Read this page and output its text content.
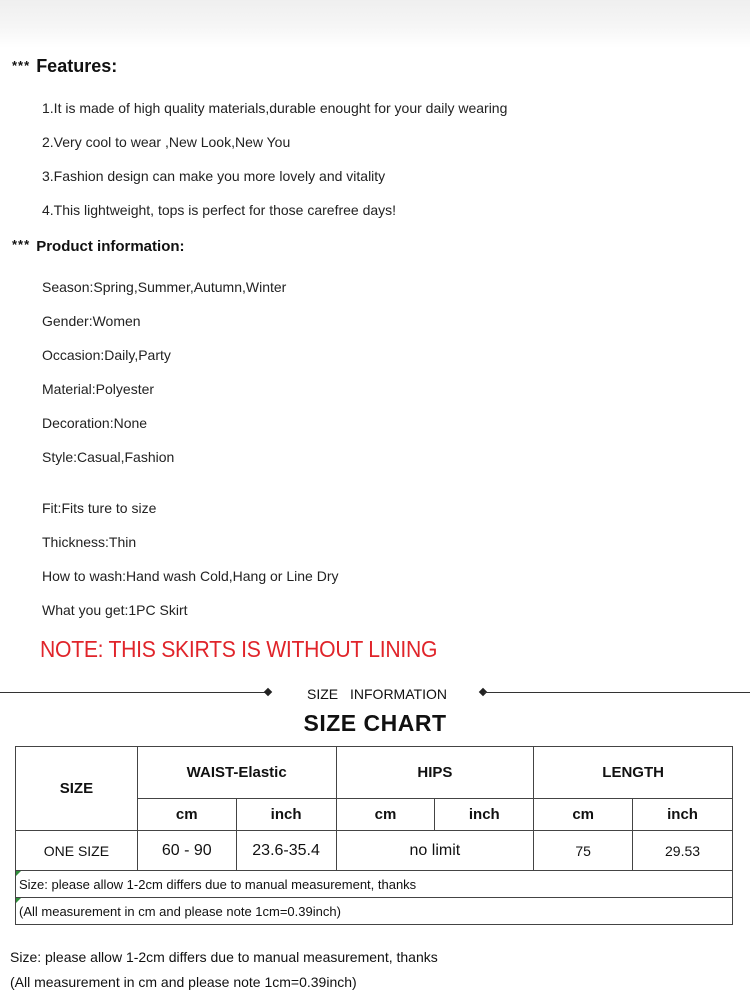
*** Features:
1.It is made of high quality materials,durable enought for your daily wearing
2.Very cool to wear ,New Look,New You
3.Fashion design can make you more lovely and vitality
4.This lightweight, tops is perfect for those carefree days!
*** Product information:
Season:Spring,Summer,Autumn,Winter
Gender:Women
Occasion:Daily,Party
Material:Polyester
Decoration:None
Style:Casual,Fashion
Fit:Fits ture to size
Thickness:Thin
How to wash:Hand wash Cold,Hang or Line Dry
What you get:1PC Skirt
NOTE: THIS SKIRTS IS WITHOUT LINING
SIZE INFORMATION
SIZE CHART
SIZE	WAIST-Elastic		HIPS		LENGTH	
	cm	inch	cm	inch	cm	inch
ONE SIZE	60 - 90	23.6-35.4	no limit		75	29.53

Size: please allow 1-2cm differs due to manual measurement, thanks						

(All measurement in cm and please note 1cm=0.39inch)						
Size: please allow 1-2cm differs due to manual measurement, thanks
(All measurement in cm and please note 1cm=0.39inch)
